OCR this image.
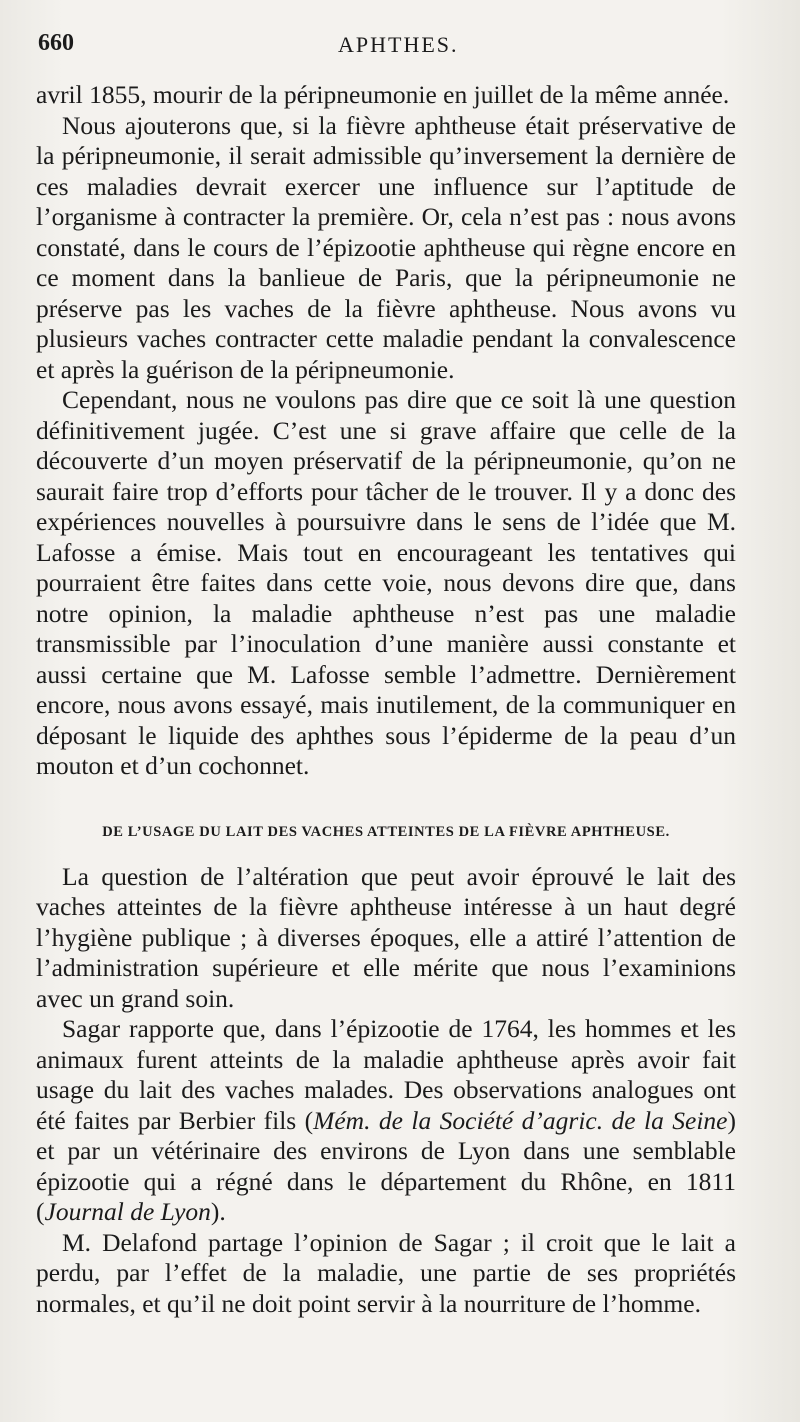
660	APHTHES.

avril 1855, mourir de la péripneumonie en juillet de la même année.

Nous ajouterons que, si la fièvre aphtheuse était préservative de la péripneumonie, il serait admissible qu’inversement la dernière de ces maladies devrait exercer une influence sur l’aptitude de l’organisme à contracter la première. Or, cela n’est pas : nous avons constaté, dans le cours de l’épizootie aphtheuse qui règne encore en ce moment dans la banlieue de Paris, que la péripneumonie ne préserve pas les vaches de la fièvre aphtheuse. Nous avons vu plusieurs vaches contracter cette maladie pendant la convalescence et après la guérison de la péripneumonie.

Cependant, nous ne voulons pas dire que ce soit là une question définitivement jugée. C’est une si grave affaire que celle de la découverte d’un moyen préservatif de la péripneumonie, qu’on ne saurait faire trop d’efforts pour tâcher de le trouver. Il y a donc des expériences nouvelles à poursuivre dans le sens de l’idée que M. Lafosse a émise. Mais tout en encourageant les tentatives qui pourraient être faites dans cette voie, nous devons dire que, dans notre opinion, la maladie aphtheuse n’est pas une maladie transmissible par l’inoculation d’une manière aussi constante et aussi certaine que M. Lafosse semble l’admettre. Dernièrement encore, nous avons essayé, mais inutilement, de la communiquer en déposant le liquide des aphthes sous l’épiderme de la peau d’un mouton et d’un cochonnet.

DE L’USAGE DU LAIT DES VACHES ATTEINTES DE LA FIÈVRE APHTHEUSE.

La question de l’altération que peut avoir éprouvé le lait des vaches atteintes de la fièvre aphtheuse intéresse à un haut degré l’hygiène publique ; à diverses époques, elle a attiré l’attention de l’administration supérieure et elle mérite que nous l’examinions avec un grand soin.

Sagar rapporte que, dans l’épizootie de 1764, les hommes et les animaux furent atteints de la maladie aphtheuse après avoir fait usage du lait des vaches malades. Des observations analogues ont été faites par Berbier fils (Mém. de la Société d’agric. de la Seine) et par un vétérinaire des environs de Lyon dans une semblable épizootie qui a régné dans le département du Rhône, en 1811 (Journal de Lyon).

M. Delafond partage l’opinion de Sagar ; il croit que le lait a perdu, par l’effet de la maladie, une partie de ses propriétés normales, et qu’il ne doit point servir à la nourriture de l’homme.
